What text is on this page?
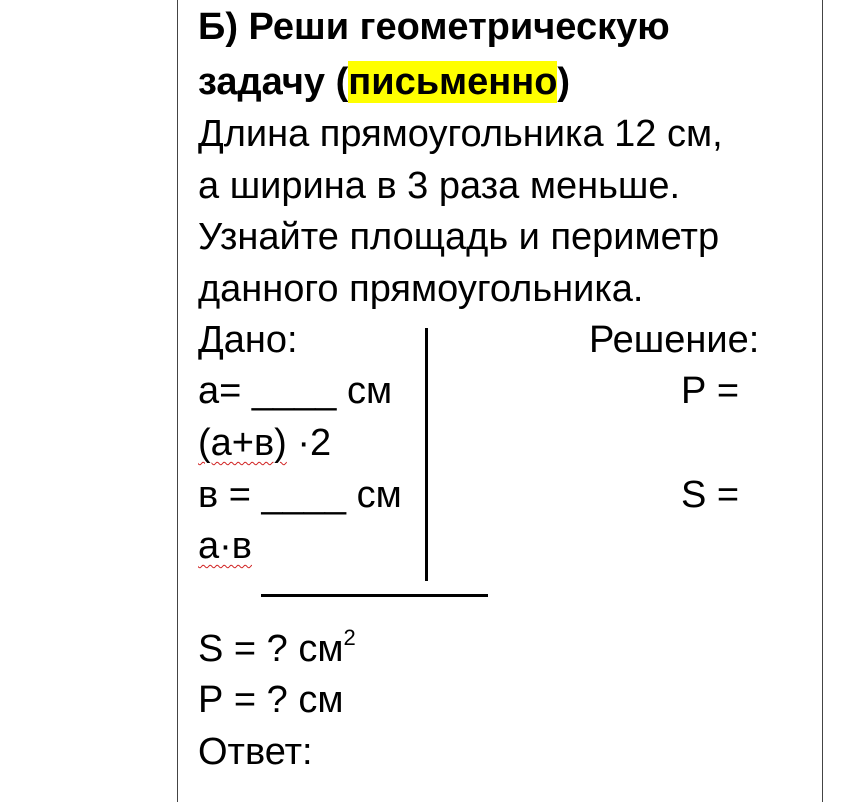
Б) Реши геометрическую
задачу (письменно)
Длина прямоугольника 12 см,
а ширина в 3 раза меньше.
Узнайте площадь и периметр
данного прямоугольника.
Дано:	Решение:
а= ____ см	Р =
(а+в) ·2
в = ____ см	S =
а·в
S = ? $см^2$
Р = ? см
Ответ:
